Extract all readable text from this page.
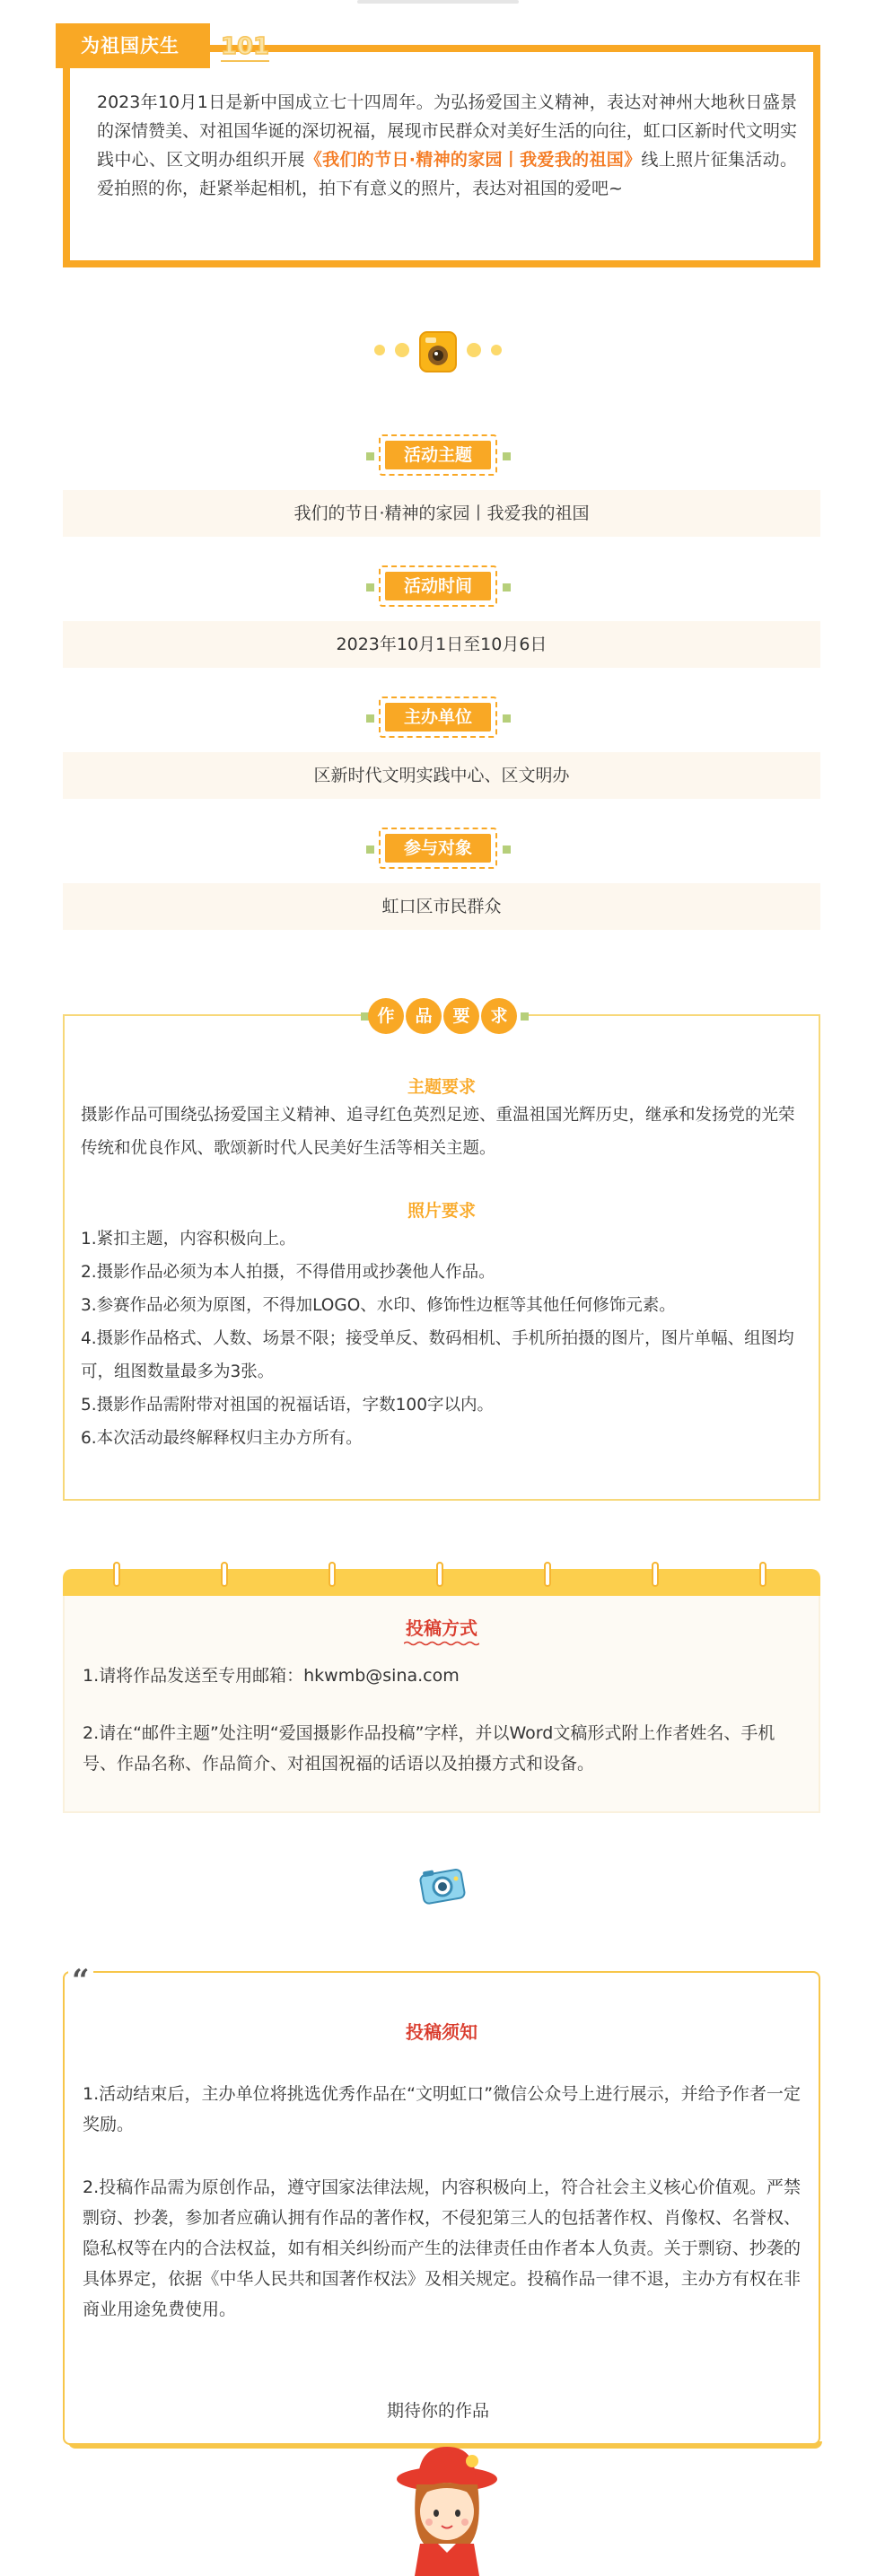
2023年10月1日是新中国成立七十四周年。为弘扬爱国主义精神，表达对神州大地秋日盛景的深情赞美、对祖国华诞的深切祝福，展现市民群众对美好生活的向往，虹口区新时代文明实践中心、区文明办组织开展《我们的节日·精神的家园丨我爱我的祖国》线上照片征集活动。爱拍照的你，赶紧举起相机，拍下有意义的照片，表达对祖国的爱吧~
为祖国庆生	101
活动主题
我们的节日·精神的家园丨我爱我的祖国
活动时间
2023年10月1日至10月6日
主办单位
区新时代文明实践中心、区文明办
参与对象
虹口区市民群众
作	品	要	求
主题要求
摄影作品可围绕弘扬爱国主义精神、追寻红色英烈足迹、重温祖国光辉历史，继承和发扬党的光荣传统和优良作风、歌颂新时代人民美好生活等相关主题。
照片要求
1.紧扣主题，内容积极向上。
2.摄影作品必须为本人拍摄，不得借用或抄袭他人作品。
3.参赛作品必须为原图，不得加LOGO、水印、修饰性边框等其他任何修饰元素。
4.摄影作品格式、人数、场景不限；接受单反、数码相机、手机所拍摄的图片，图片单幅、组图均可，组图数量最多为3张。
5.摄影作品需附带对祖国的祝福话语，字数100字以内。
6.本次活动最终解释权归主办方所有。
投稿方式
1.请将作品发送至专用邮箱：hkwmb@sina.com
2.请在“邮件主题”处注明“爱国摄影作品投稿”字样，并以Word文稿形式附上作者姓名、手机号、作品名称、作品简介、对祖国祝福的话语以及拍摄方式和设备。
“
投稿须知
1.活动结束后，主办单位将挑选优秀作品在“文明虹口”微信公众号上进行展示，并给予作者一定奖励。
2.投稿作品需为原创作品，遵守国家法律法规，内容积极向上，符合社会主义核心价值观。严禁剽窃、抄袭，参加者应确认拥有作品的著作权，不侵犯第三人的包括著作权、肖像权、名誉权、隐私权等在内的合法权益，如有相关纠纷而产生的法律责任由作者本人负责。关于剽窃、抄袭的具体界定，依据《中华人民共和国著作权法》及相关规定。投稿作品一律不退，主办方有权在非商业用途免费使用。
期待你的作品
